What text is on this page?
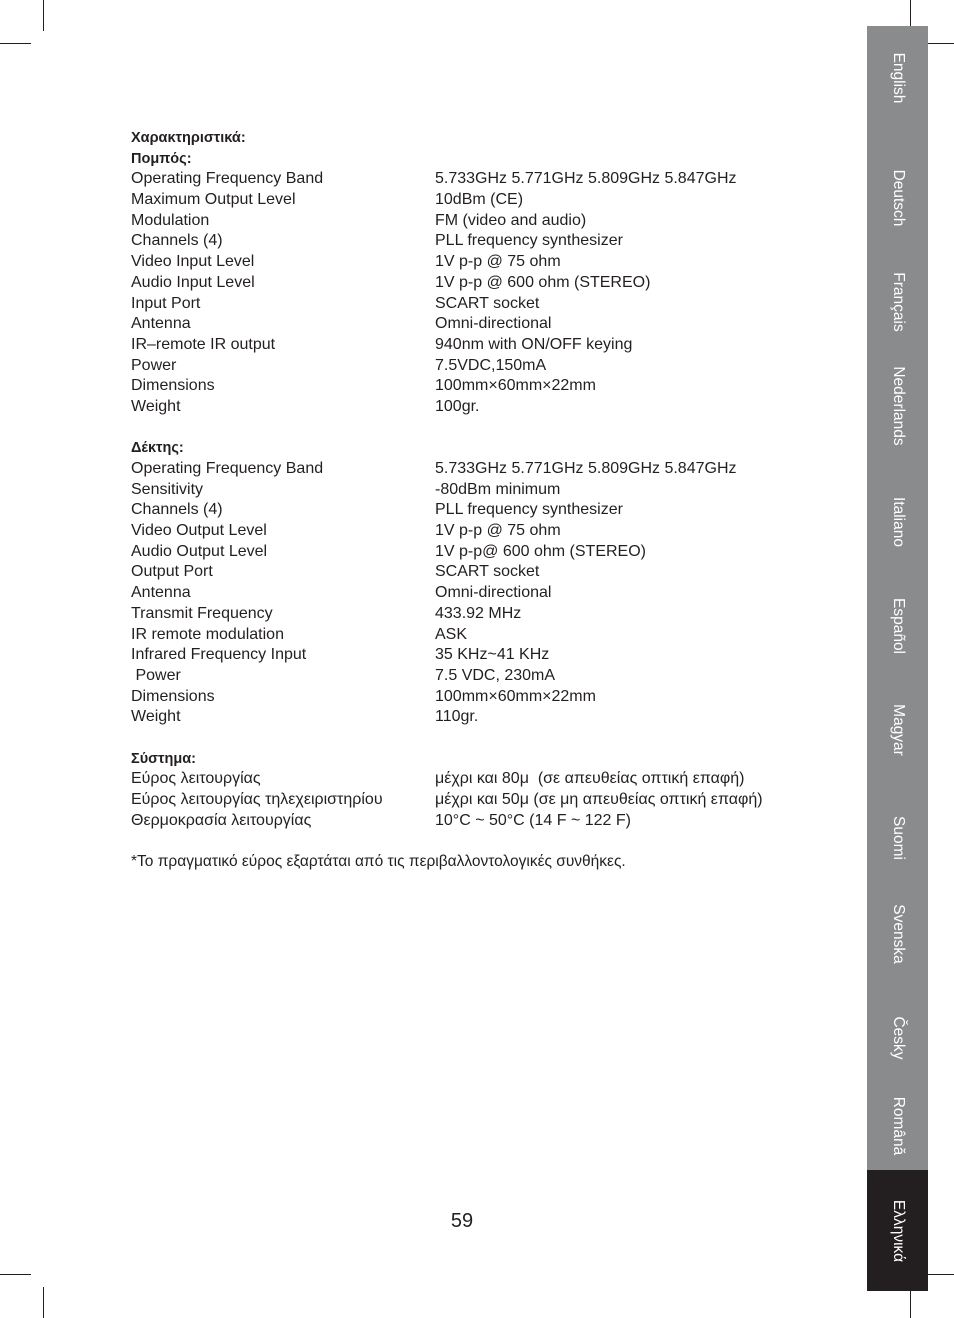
Χαρακτηριστικά:
Πομπός:
Operating Frequency Band	5.733GHz 5.771GHz 5.809GHz 5.847GHz
Maximum Output Level	10dBm (CE)
Modulation	FM (video and audio)
Channels (4)	PLL frequency synthesizer
Video Input Level	1V p-p @ 75 ohm
Audio Input Level	1V p-p @ 600 ohm (STEREO)
Input Port	SCART socket
Antenna	Omni-directional
IR–remote IR output	940nm with ON/OFF keying
Power	7.5VDC,150mA
Dimensions	100mm×60mm×22mm
Weight	100gr.
Δέκτης:
Operating Frequency Band	5.733GHz 5.771GHz 5.809GHz 5.847GHz
Sensitivity	-80dBm minimum
Channels (4)	PLL frequency synthesizer
Video Output Level	1V p-p @ 75 ohm
Audio Output Level	1V p-p@ 600 ohm (STEREO)
Output Port	SCART socket
Antenna	Omni-directional
Transmit Frequency	433.92 MHz
IR remote modulation	ASK
Infrared Frequency Input	35 KHz~41 KHz
Power	7.5 VDC, 230mA
Dimensions	100mm×60mm×22mm
Weight	110gr.
Σύστημα:
Εύρος λειτουργίας	μέχρι και 80μ  (σε απευθείας οπτική επαφή)
Εύρος λειτουργίας τηλεχειριστηρίου	μέχρι και 50μ (σε μη απευθείας οπτική επαφή)
Θερμοκρασία λειτουργίας	10°C ~ 50°C (14 F ~ 122 F)
*Το πραγματικό εύρος εξαρτάται από τις περιβαλλοντολογικές συνθήκες.
59
English
Deutsch
Français
Nederlands
Italiano
Español
Magyar
Suomi
Svenska
Česky
Română
Ελληνικά
